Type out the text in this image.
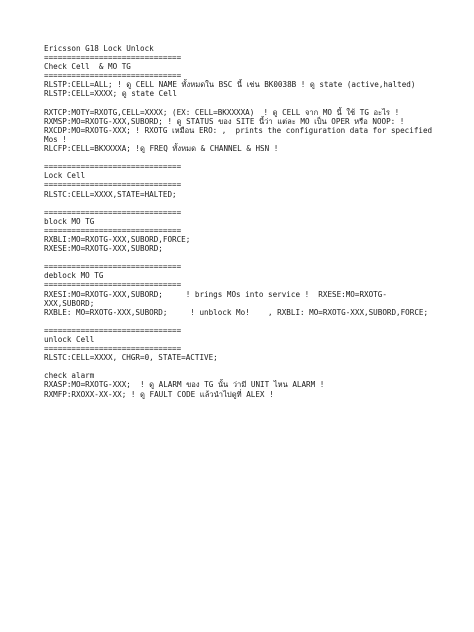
Ericsson G18 Lock Unlock
==============================
Check Cell  & MO TG
==============================
RLSTP:CELL=ALL; ! ดู CELL NAME ทั้งหมดใน BSC นี้ เช่น BK0038B ! ดู state (active,halted)
RLSTP:CELL=XXXX; ดู state Cell
RXTCP:MOTY=RXOTG,CELL=XXXX; (EX: CELL=BKXXXXA)  ! ดู CELL จาก MO นี้ ใช้ TG อะไร !
RXMSP:MO=RXOTG-XXX,SUBORD; ! ดู STATUS ของ SITE นี้ว่า แต่ละ MO เป็น OPER หรือ NOOP: !
RXCDP:MO=RXOTG-XXX; ! RXOTG เหมือน ERO: ,  prints the configuration data for specified Mos !
RLCFP:CELL=BKXXXXA; !ดู FREQ ทั้งหมด & CHANNEL & HSN !
==============================
Lock Cell
==============================
RLSTC:CELL=XXXX,STATE=HALTED;
==============================
block MO TG
==============================
RXBLI:MO=RXOTG-XXX,SUBORD,FORCE;
RXESE:MO=RXOTG-XXX,SUBORD;
==============================
deblock MO TG
==============================
RXESI:MO=RXOTG-XXX,SUBORD;     ! brings MOs into service !  RXESE:MO=RXOTG-XXX,SUBORD;
RXBLE: MO=RXOTG-XXX,SUBORD;     ! unblock Mo!    , RXBLI: MO=RXOTG-XXX,SUBORD,FORCE;
==============================
unlock Cell
==============================
RLSTC:CELL=XXXX, CHGR=0, STATE=ACTIVE;
check alarm
RXASP:MO=RXOTG-XXX;  ! ดู ALARM ของ TG นั้น ว่ามี UNIT ไหน ALARM !
RXMFP:RXOXX-XX-XX; ! ดู FAULT CODE แล้วนำไปดูที่ ALEX !
